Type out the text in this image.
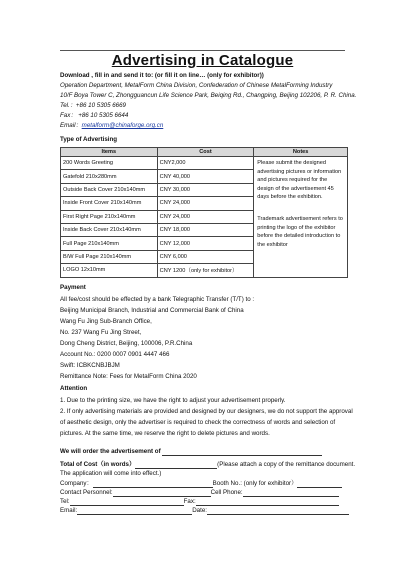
Advertising in Catalogue
Download , fill in and send it to: (or fill it on line… (only for exhibitor))
Operation Department, MetalForm China Division, Confederation of Chinese MetalForming Industry
10/F Boya Tower C, Zhongguancun Life Science Park, Beiqing Rd., Changping, Beijing 102206, P. R. China.
Tel.：+86 10 5305 6669
Fax： +86 10 5305 6644
Email：metalform@chinaforge.org.cn
Type of Advertising
Items	Cost	Notes
200 Words Greeting	CNY2,000	Please submit the designed advertising pictures or information and pictures required for the design of the advertisement 45 days before the exhibition.
Trademark advertisement refers to printing the logo of the exhibitor before the detailed introduction to the exhibitor

Gatefold 210x280mm	CNY 40,000	
Outside Back Cover 210x140mm	CNY 30,000	
Inside Front Cover 210x140mm	CNY 24,000	
First Right Page 210x140mm	CNY 24,000	
Inside Back Cover 210x140mm	CNY 18,000	
Full Page 210x140mm	CNY 12,000	
B/W Full Page 210x140mm	CNY 6,000	
LOGO 12x10mm	CNY 1200（only for exhibitor）	
Payment
All fee/cost should be effected by a bank Telegraphic Transfer (T/T) to :
Beijing Municipal Branch, Industrial and Commercial Bank of China
Wang Fu Jing Sub-Branch Office,
No. 237 Wang Fu Jing Street,
Dong Cheng District, Beijing, 100006, P.R.China
Account No.: 0200 0007 0901 4447 466
Swift: ICBKCNBJBJM
Remittance Note: Fees for MetalForm China 2020
Attention
1. Due to the printing size, we have the right to adjust your advertisement properly.
2. If only advertising materials are provided and designed by our designers, we do not support the approval
of aesthetic design, only the advertiser is required to check the correctness of words and selection of
pictures. At the same time, we reserve the right to delete pictures and words.
We will order the advertisement of
Total of Cost（in words）	(Please attach a copy of the remittance document.
The application will come into effect.)
Company：	Booth No.: (only for exhibitor）
Contact Personnel:	Cell Phone:
Tel:	Fax:
Email:	Date:
